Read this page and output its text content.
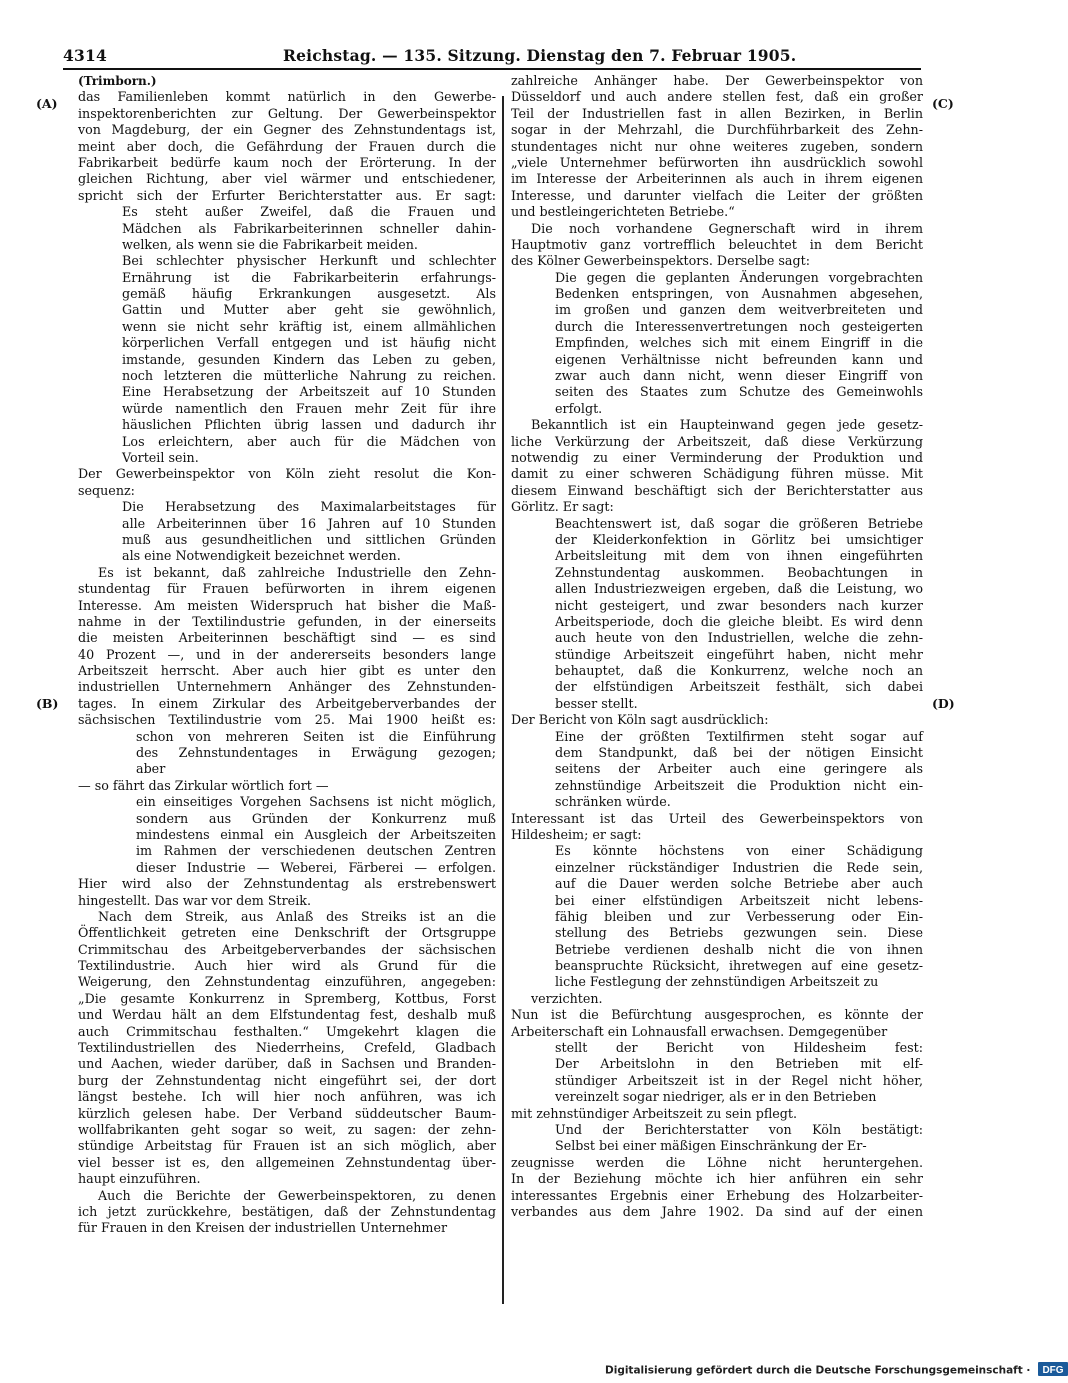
4314	Reichstag. — 135. Sitzung. Dienstag den 7. Februar 1905.
(A)
(B)
(C)
(D)
(Trimborn.)
das Familienleben kommt natürlich in den Gewerbe-
inspektorenberichten zur Geltung. Der Gewerbeinspektor
von Magdeburg, der ein Gegner des Zehnstundentags ist,
meint aber doch, die Gefährdung der Frauen durch die
Fabrikarbeit bedürfe kaum noch der Erörterung. In der
gleichen Richtung, aber viel wärmer und entschiedener,
spricht sich der Erfurter Berichterstatter aus. Er sagt:
Es steht außer Zweifel, daß die Frauen und
Mädchen als Fabrikarbeiterinnen schneller dahin-
welken, als wenn sie die Fabrikarbeit meiden.
Bei schlechter physischer Herkunft und schlechter
Ernährung ist die Fabrikarbeiterin erfahrungs-
gemäß häufig Erkrankungen ausgesetzt. Als
Gattin und Mutter aber geht sie gewöhnlich,
wenn sie nicht sehr kräftig ist, einem allmählichen
körperlichen Verfall entgegen und ist häufig nicht
imstande, gesunden Kindern das Leben zu geben,
noch letzteren die mütterliche Nahrung zu reichen.
Eine Herabsetzung der Arbeitszeit auf 10 Stunden
würde namentlich den Frauen mehr Zeit für ihre
häuslichen Pflichten übrig lassen und dadurch ihr
Los erleichtern, aber auch für die Mädchen von
Vorteil sein.
Der Gewerbeinspektor von Köln zieht resolut die Kon-
sequenz:
Die Herabsetzung des Maximalarbeitstages für
alle Arbeiterinnen über 16 Jahren auf 10 Stunden
muß aus gesundheitlichen und sittlichen Gründen
als eine Notwendigkeit bezeichnet werden.
Es ist bekannt, daß zahlreiche Industrielle den Zehn-
stundentag für Frauen befürworten in ihrem eigenen
Interesse. Am meisten Widerspruch hat bisher die Maß-
nahme in der Textilindustrie gefunden, in der einerseits
die meisten Arbeiterinnen beschäftigt sind — es sind
40 Prozent —, und in der andererseits besonders lange
Arbeitszeit herrscht. Aber auch hier gibt es unter den
industriellen Unternehmern Anhänger des Zehnstunden-
tages. In einem Zirkular des Arbeitgeberverbandes der
sächsischen Textilindustrie vom 25. Mai 1900 heißt es:
schon von mehreren Seiten ist die Einführung
des Zehnstundentages in Erwägung gezogen;
aber
— so fährt das Zirkular wörtlich fort —
ein einseitiges Vorgehen Sachsens ist nicht möglich,
sondern aus Gründen der Konkurrenz muß
mindestens einmal ein Ausgleich der Arbeitszeiten
im Rahmen der verschiedenen deutschen Zentren
dieser Industrie — Weberei, Färberei — erfolgen.
Hier wird also der Zehnstundentag als erstrebenswert
hingestellt. Das war vor dem Streik.
Nach dem Streik, aus Anlaß des Streiks ist an die
Öffentlichkeit getreten eine Denkschrift der Ortsgruppe
Crimmitschau des Arbeitgeberverbandes der sächsischen
Textilindustrie. Auch hier wird als Grund für die
Weigerung, den Zehnstundentag einzuführen, angegeben:
„Die gesamte Konkurrenz in Spremberg, Kottbus, Forst
und Werdau hält an dem Elfstundentag fest, deshalb muß
auch Crimmitschau festhalten.“ Umgekehrt klagen die
Textilindustriellen des Niederrheins, Crefeld, Gladbach
und Aachen, wieder darüber, daß in Sachsen und Branden-
burg der Zehnstundentag nicht eingeführt sei, der dort
längst bestehe. Ich will hier noch anführen, was ich
kürzlich gelesen habe. Der Verband süddeutscher Baum-
wollfabrikanten geht sogar so weit, zu sagen: der zehn-
stündige Arbeitstag für Frauen ist an sich möglich, aber
viel besser ist es, den allgemeinen Zehnstundentag über-
haupt einzuführen.
Auch die Berichte der Gewerbeinspektoren, zu denen
ich jetzt zurückkehre, bestätigen, daß der Zehnstundentag
für Frauen in den Kreisen der industriellen Unternehmer
zahlreiche Anhänger habe. Der Gewerbeinspektor von
Düsseldorf und auch andere stellen fest, daß ein großer
Teil der Industriellen fast in allen Bezirken, in Berlin
sogar in der Mehrzahl, die Durchführbarkeit des Zehn-
stundentages nicht nur ohne weiteres zugeben, sondern
„viele Unternehmer befürworten ihn ausdrücklich sowohl
im Interesse der Arbeiterinnen als auch in ihrem eigenen
Interesse, und darunter vielfach die Leiter der größten
und bestleingerichteten Betriebe.“
Die noch vorhandene Gegnerschaft wird in ihrem
Hauptmotiv ganz vortrefflich beleuchtet in dem Bericht
des Kölner Gewerbeinspektors. Derselbe sagt:
Die gegen die geplanten Änderungen vorgebrachten
Bedenken entspringen, von Ausnahmen abgesehen,
im großen und ganzen dem weitverbreiteten und
durch die Interessenvertretungen noch gesteigerten
Empfinden, welches sich mit einem Eingriff in die
eigenen Verhältnisse nicht befreunden kann und
zwar auch dann nicht, wenn dieser Eingriff von
seiten des Staates zum Schutze des Gemeinwohls
erfolgt.
Bekanntlich ist ein Haupteinwand gegen jede gesetz-
liche Verkürzung der Arbeitszeit, daß diese Verkürzung
notwendig zu einer Verminderung der Produktion und
damit zu einer schweren Schädigung führen müsse. Mit
diesem Einwand beschäftigt sich der Berichterstatter aus
Görlitz. Er sagt:
Beachtenswert ist, daß sogar die größeren Betriebe
der Kleiderkonfektion in Görlitz bei umsichtiger
Arbeitsleitung mit dem von ihnen eingeführten
Zehnstundentag auskommen. Beobachtungen in
allen Industriezweigen ergeben, daß die Leistung, wo
nicht gesteigert, und zwar besonders nach kurzer
Arbeitsperiode, doch die gleiche bleibt. Es wird denn
auch heute von den Industriellen, welche die zehn-
stündige Arbeitszeit eingeführt haben, nicht mehr
behauptet, daß die Konkurrenz, welche noch an
der elfstündigen Arbeitszeit festhält, sich dabei
besser stellt.
Der Bericht von Köln sagt ausdrücklich:
Eine der größten Textilfirmen steht sogar auf
dem Standpunkt, daß bei der nötigen Einsicht
seitens der Arbeiter auch eine geringere als
zehnstündige Arbeitszeit die Produktion nicht ein-
schränken würde.
Interessant ist das Urteil des Gewerbeinspektors von
Hildesheim; er sagt:
Es könnte höchstens von einer Schädigung
einzelner rückständiger Industrien die Rede sein,
auf die Dauer werden solche Betriebe aber auch
bei einer elfstündigen Arbeitszeit nicht lebens-
fähig bleiben und zur Verbesserung oder Ein-
stellung des Betriebs gezwungen sein. Diese
Betriebe verdienen deshalb nicht die von ihnen
beanspruchte Rücksicht, ihretwegen auf eine gesetz-
liche Festlegung der zehnstündigen Arbeitszeit zu
verzichten.
Nun ist die Befürchtung ausgesprochen, es könnte der
Arbeiterschaft ein Lohnausfall erwachsen. Demgegenüber
stellt der Bericht von Hildesheim fest:
Der Arbeitslohn in den Betrieben mit elf-
stündiger Arbeitszeit ist in der Regel nicht höher,
vereinzelt sogar niedriger, als er in den Betrieben
mit zehnstündiger Arbeitszeit zu sein pflegt.
Und der Berichterstatter von Köln bestätigt:
Selbst bei einer mäßigen Einschränkung der Er-
zeugnisse werden die Löhne nicht heruntergehen.
In der Beziehung möchte ich hier anführen ein sehr
interessantes Ergebnis einer Erhebung des Holzarbeiter-
verbandes aus dem Jahre 1902. Da sind auf der einen
Digitalisierung gefördert durch die Deutsche Forschungsgemeinschaft · DFG
